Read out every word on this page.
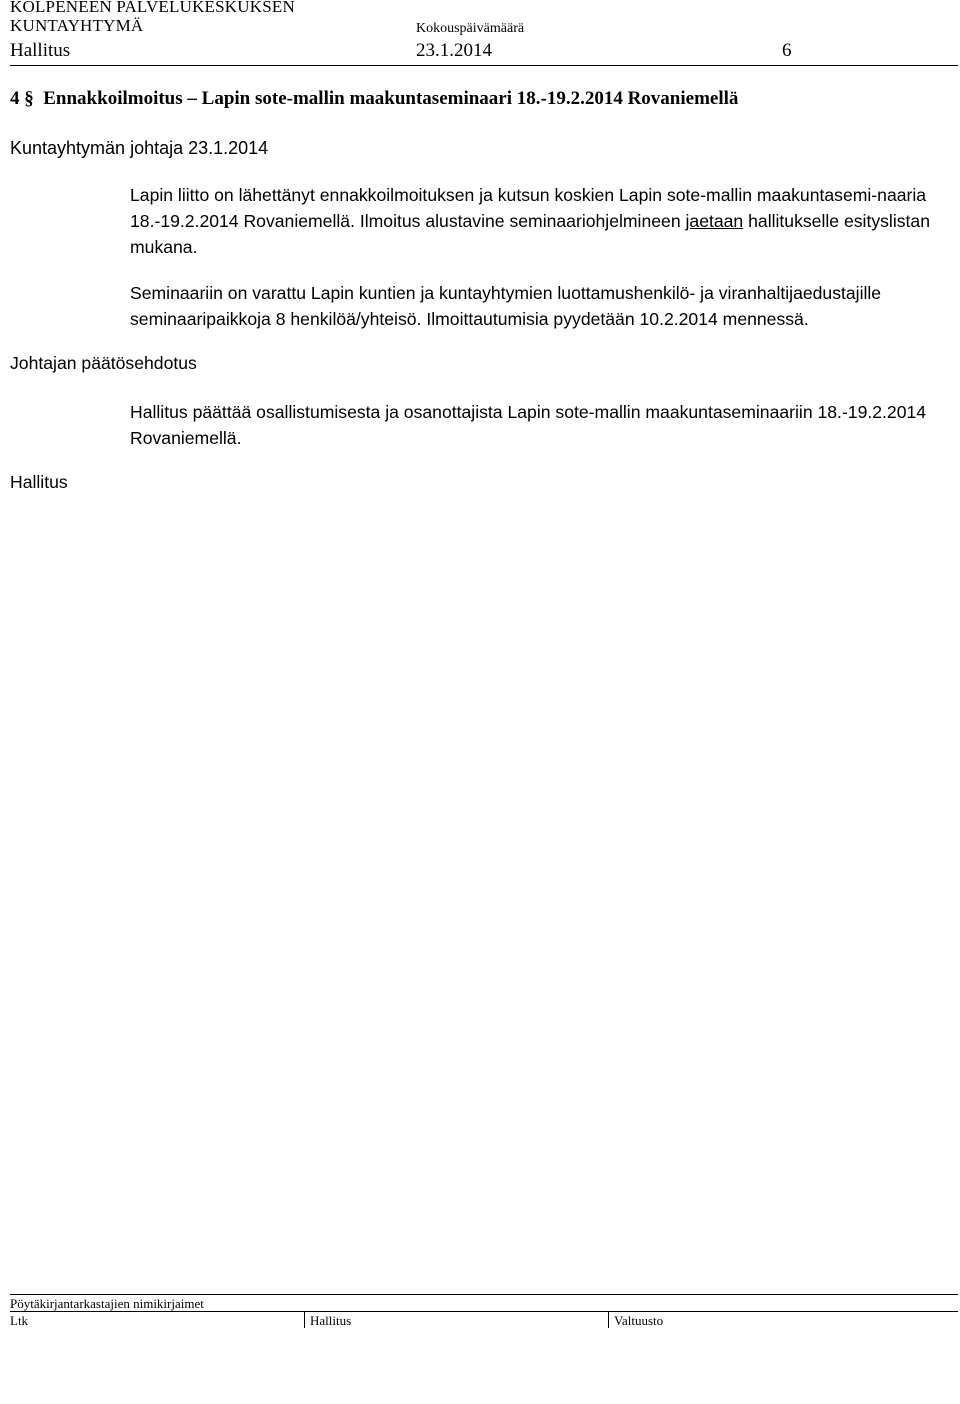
KOLPENEEN PALVELUKESKUKSEN
KUNTAYHTYMÄ	Kokouspäivämäärä
Hallitus	23.1.2014	6
4 § Ennakkoilmoitus – Lapin sote-mallin maakuntaseminaari 18.-19.2.2014 Rovaniemellä
Kuntayhtymän johtaja 23.1.2014
Lapin liitto on lähettänyt ennakkoilmoituksen ja kutsun koskien Lapin sote-mallin maakuntasemi-naaria 18.-19.2.2014 Rovaniemellä. Ilmoitus alustavine seminaariohjelmineen jaetaan hallitukselle esityslistan mukana.
Seminaariin on varattu Lapin kuntien ja kuntayhtymien luottamushenkilö- ja viranhaltijaedustajille seminaaripaikkoja 8 henkilöä/yhteisö. Ilmoittautumisia pyydetään 10.2.2014 mennessä.
Johtajan päätösehdotus
Hallitus päättää osallistumisesta ja osanottajista Lapin sote-mallin maakuntaseminaariin 18.-19.2.2014 Rovaniemellä.
Hallitus
Pöytäkirjantarkastajien nimikirjaimet
Ltk	Hallitus	Valtuusto
